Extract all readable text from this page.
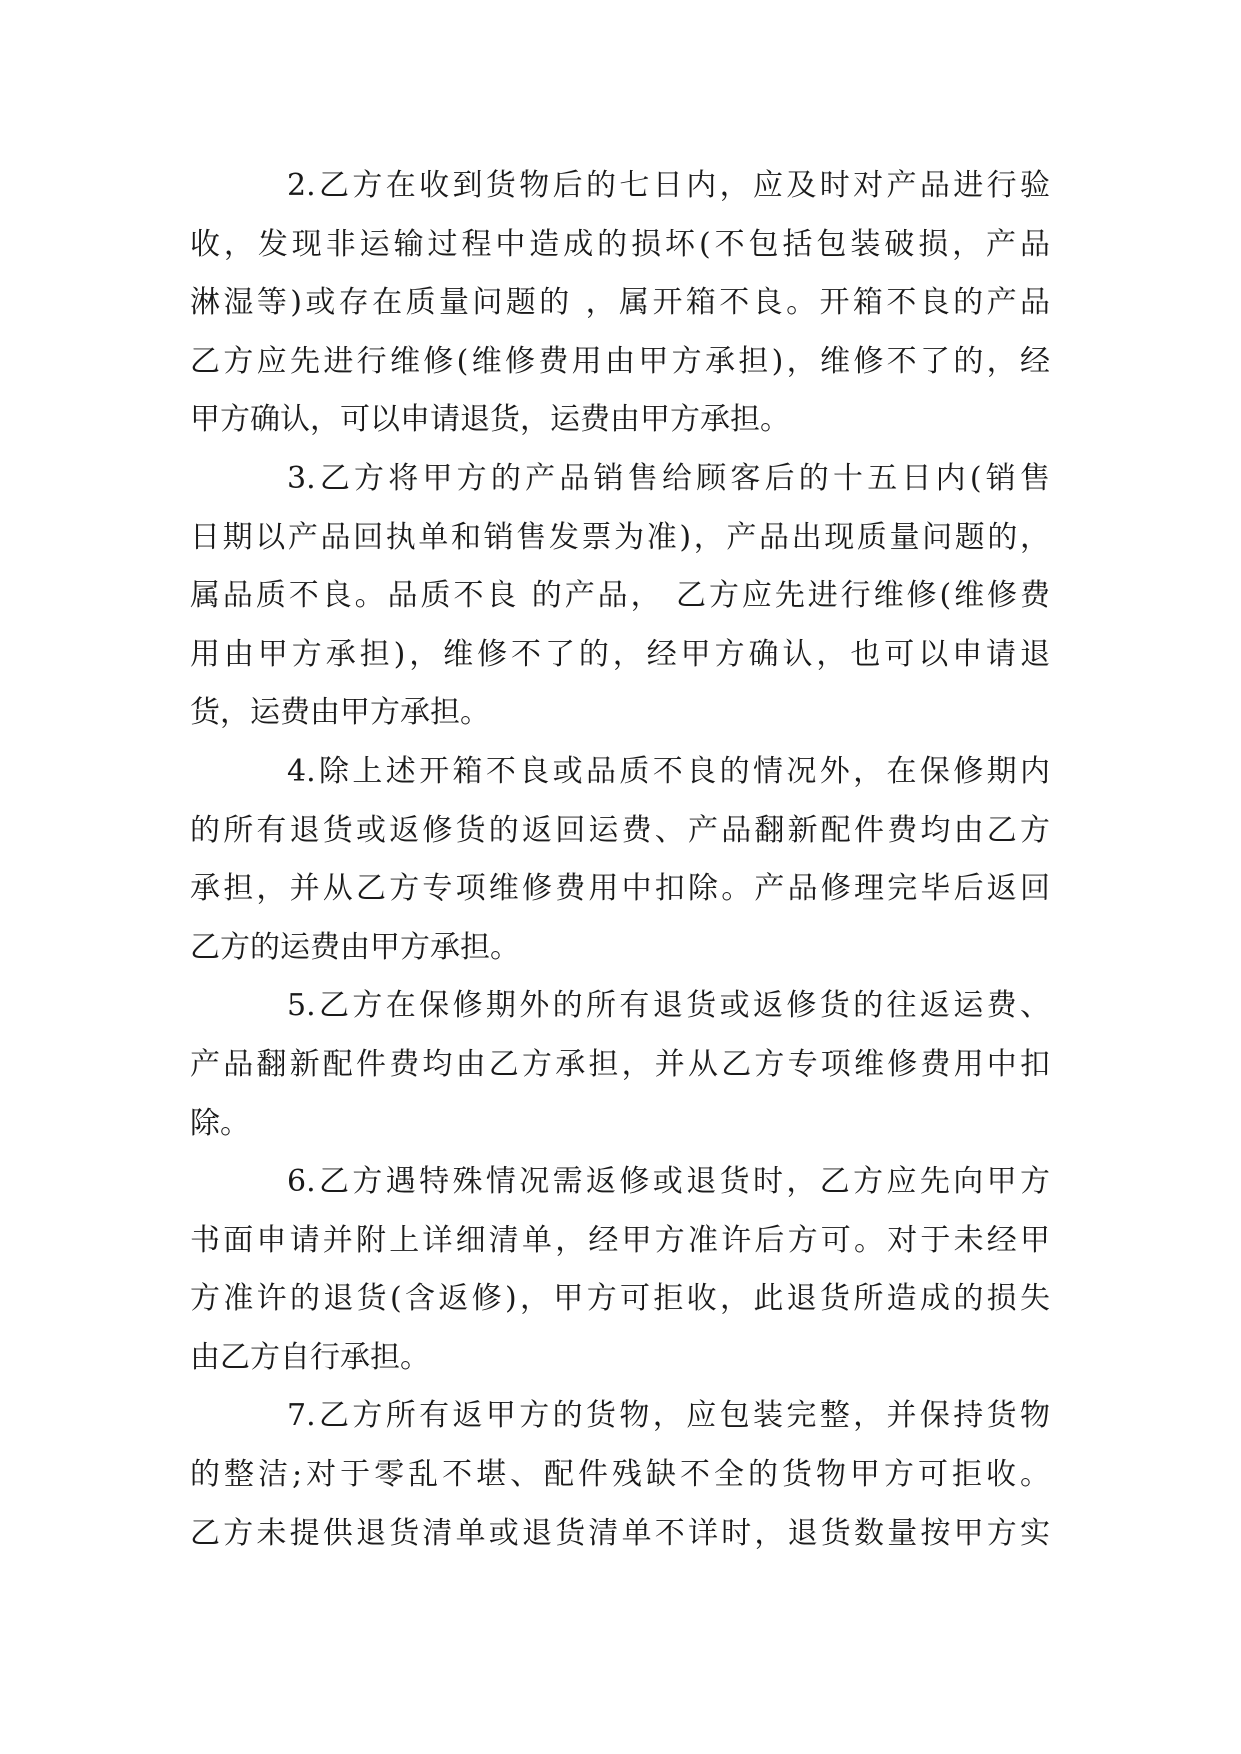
2.乙方在收到货物后的七日内，应及时对产品进行验
收，发现非运输过程中造成的损坏(不包括包装破损，产品
淋湿等)或存在质量问题的 ，属开箱不良。开箱不良的产品
乙方应先进行维修(维修费用由甲方承担)，维修不了的，经
甲方确认，可以申请退货，运费由甲方承担。
3.乙方将甲方的产品销售给顾客后的十五日内(销售
日期以产品回执单和销售发票为准)，产品出现质量问题的，
属品质不良。品质不良 的产品， 乙方应先进行维修(维修费
用由甲方承担)，维修不了的，经甲方确认，也可以申请退
货，运费由甲方承担。
4.除上述开箱不良或品质不良的情况外，在保修期内
的所有退货或返修货的返回运费、产品翻新配件费均由乙方
承担，并从乙方专项维修费用中扣除。产品修理完毕后返回
乙方的运费由甲方承担。
5.乙方在保修期外的所有退货或返修货的往返运费、
产品翻新配件费均由乙方承担，并从乙方专项维修费用中扣
除。
6.乙方遇特殊情况需返修或退货时，乙方应先向甲方
书面申请并附上详细清单，经甲方准许后方可。对于未经甲
方准许的退货(含返修)，甲方可拒收，此退货所造成的损失
由乙方自行承担。
7.乙方所有返甲方的货物，应包装完整，并保持货物
的整洁;对于零乱不堪、配件残缺不全的货物甲方可拒收。
乙方未提供退货清单或退货清单不详时，退货数量按甲方实
